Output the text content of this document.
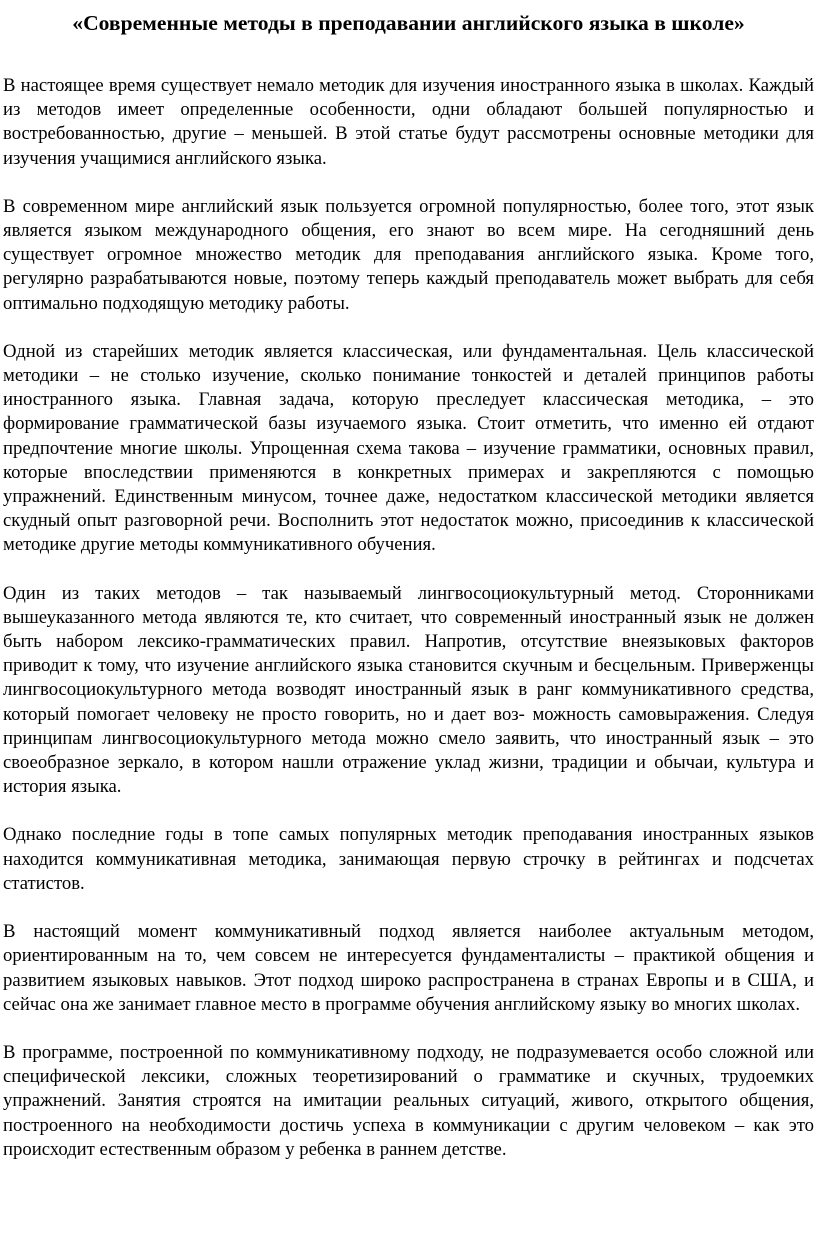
«Современные методы в преподавании английского языка в школе»

В настоящее время существует немало методик для изучения иностранного языка в школах. Каждый из методов имеет определенные особенности, одни обладают большей популярностью и востребованностью, другие – меньшей. В этой статье будут рассмотрены основные методики для изучения учащимися английского языка.

В современном мире английский язык пользуется огромной популярностью, более того, этот язык является языком международного общения, его знают во всем мире. На сегодняшний день существует огромное множество методик для преподавания английского языка. Кроме того, регулярно разрабатываются новые, поэтому теперь каждый преподаватель может выбрать для себя оптимально подходящую методику работы.

Одной из старейших методик является классическая, или фундаментальная. Цель классической методики – не столько изучение, сколько понимание тонкостей и деталей принципов работы иностранного языка. Главная задача, которую преследует классическая методика, – это формирование грамматической базы изучаемого языка. Стоит отметить, что именно ей отдают предпочтение многие школы. Упрощенная схема такова – изучение грамматики, основных правил, которые впоследствии применяются в конкретных примерах и закрепляются с помощью упражнений. Единственным минусом, точнее даже, недостатком классической методики является скудный опыт разговорной речи. Восполнить этот недостаток можно, присоединив к классической методике другие методы коммуникативного обучения.

Один из таких методов – так называемый лингвосоциокультурный метод. Сторонниками вышеуказанного метода являются те, кто считает, что современный иностранный язык не должен быть набором лексико-грамматических правил. Напротив, отсутствие внеязыковых факторов приводит к тому, что изучение английского языка становится скучным и бесцельным. Приверженцы лингвосоциокультурного метода возводят иностранный язык в ранг коммуникативного средства, который помогает человеку не просто говорить, но и дает воз- можность самовыражения. Следуя принципам лингвосоциокультурного метода можно смело заявить, что иностранный язык – это своеобразное зеркало, в котором нашли отражение уклад жизни, традиции и обычаи, культура и история языка.

Однако последние годы в топе самых популярных методик преподавания иностранных языков находится коммуникативная методика, занимающая первую строчку в рейтингах и подсчетах статистов.

В настоящий момент коммуникативный подход является наиболее актуальным методом, ориентированным на то, чем совсем не интересуется фундаменталисты – практикой общения и развитием языковых навыков. Этот подход широко распространена в странах Европы и в США, и сейчас она же занимает главное место в программе обучения английскому языку во многих школах.

В программе, построенной по коммуникативному подходу, не подразумевается особо сложной или специфической лексики, сложных теоретизирований о грамматике и скучных, трудоемких упражнений. Занятия строятся на имитации реальных ситуаций, живого, открытого общения, построенного на необходимости достичь успеха в коммуникации с другим человеком – как это происходит естественным образом у ребенка в раннем детстве.
